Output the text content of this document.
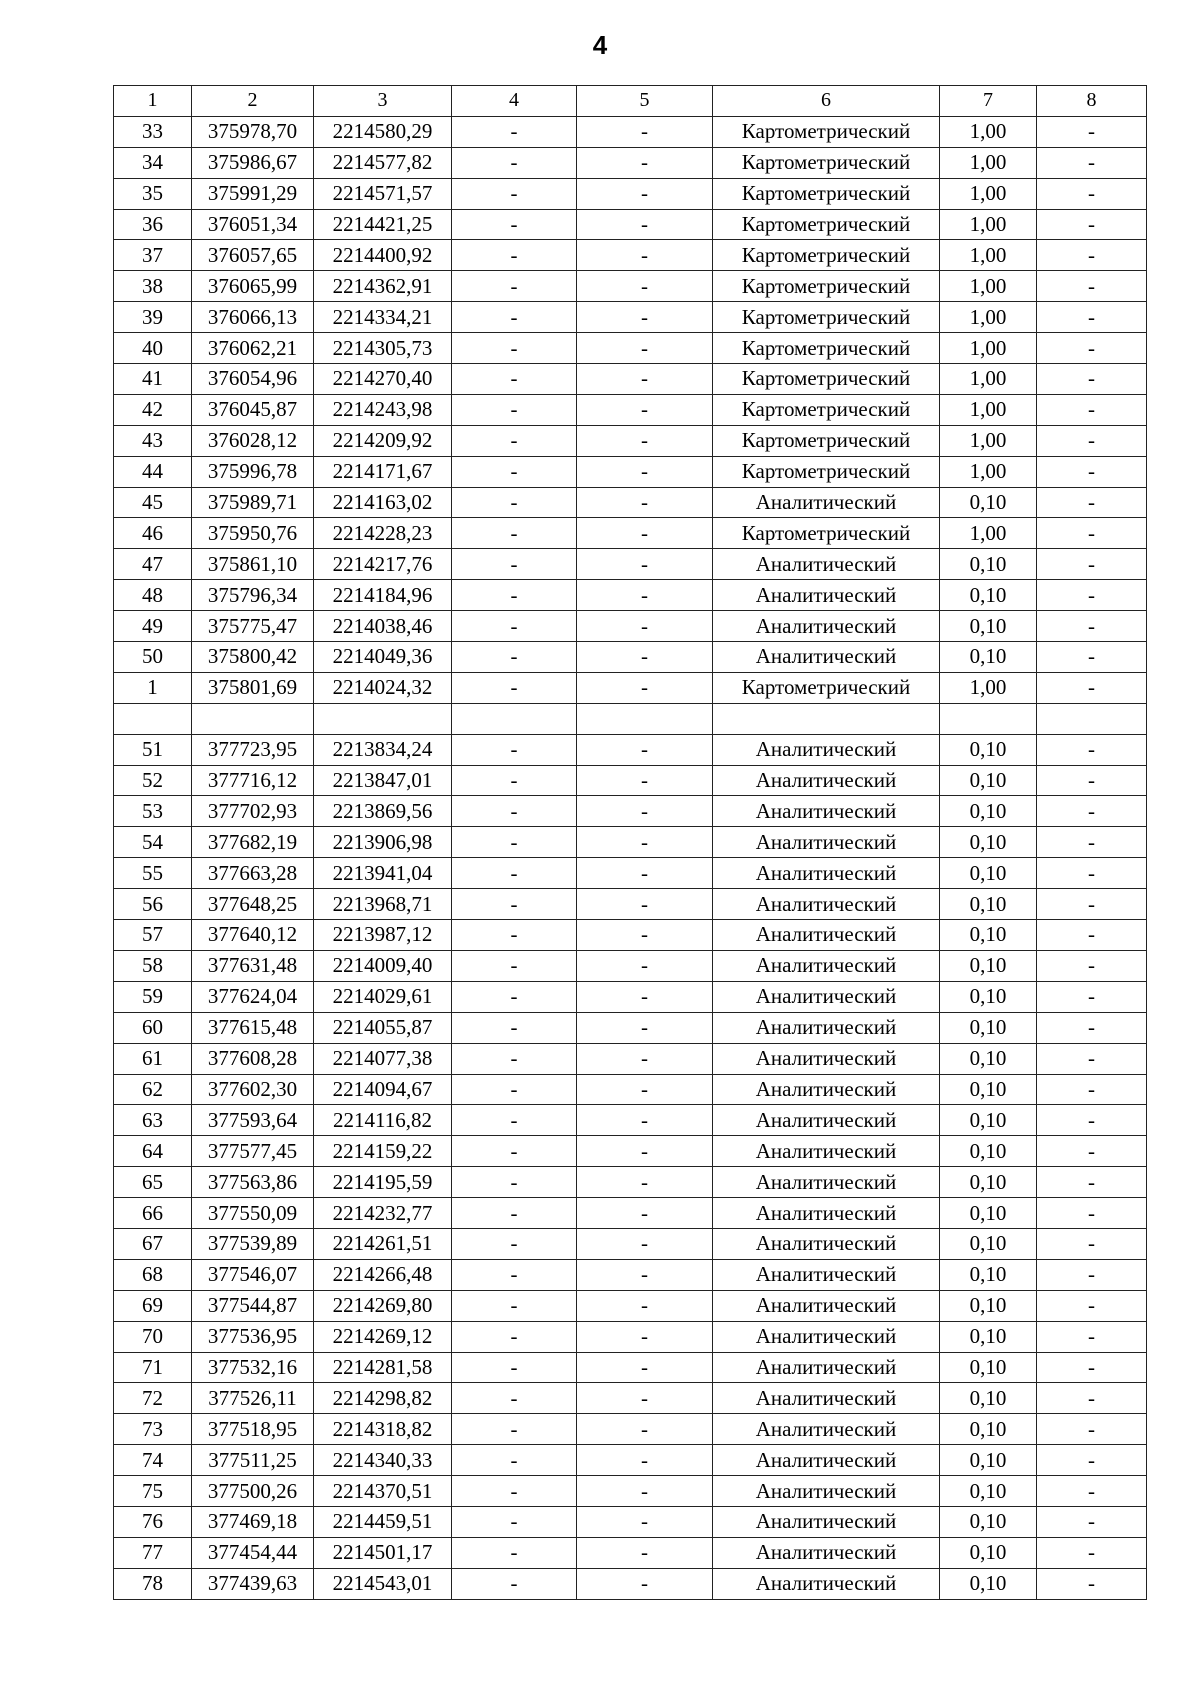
4
1	2	3	4	5	6	7	8
33	375978,70	2214580,29	-	-	Картометрический	1,00	-
34	375986,67	2214577,82	-	-	Картометрический	1,00	-
35	375991,29	2214571,57	-	-	Картометрический	1,00	-
36	376051,34	2214421,25	-	-	Картометрический	1,00	-
37	376057,65	2214400,92	-	-	Картометрический	1,00	-
38	376065,99	2214362,91	-	-	Картометрический	1,00	-
39	376066,13	2214334,21	-	-	Картометрический	1,00	-
40	376062,21	2214305,73	-	-	Картометрический	1,00	-
41	376054,96	2214270,40	-	-	Картометрический	1,00	-
42	376045,87	2214243,98	-	-	Картометрический	1,00	-
43	376028,12	2214209,92	-	-	Картометрический	1,00	-
44	375996,78	2214171,67	-	-	Картометрический	1,00	-
45	375989,71	2214163,02	-	-	Аналитический	0,10	-
46	375950,76	2214228,23	-	-	Картометрический	1,00	-
47	375861,10	2214217,76	-	-	Аналитический	0,10	-
48	375796,34	2214184,96	-	-	Аналитический	0,10	-
49	375775,47	2214038,46	-	-	Аналитический	0,10	-
50	375800,42	2214049,36	-	-	Аналитический	0,10	-
1	375801,69	2214024,32	-	-	Картометрический	1,00	-

51	377723,95	2213834,24	-	-	Аналитический	0,10	-
52	377716,12	2213847,01	-	-	Аналитический	0,10	-
53	377702,93	2213869,56	-	-	Аналитический	0,10	-
54	377682,19	2213906,98	-	-	Аналитический	0,10	-
55	377663,28	2213941,04	-	-	Аналитический	0,10	-
56	377648,25	2213968,71	-	-	Аналитический	0,10	-
57	377640,12	2213987,12	-	-	Аналитический	0,10	-
58	377631,48	2214009,40	-	-	Аналитический	0,10	-
59	377624,04	2214029,61	-	-	Аналитический	0,10	-
60	377615,48	2214055,87	-	-	Аналитический	0,10	-
61	377608,28	2214077,38	-	-	Аналитический	0,10	-
62	377602,30	2214094,67	-	-	Аналитический	0,10	-
63	377593,64	2214116,82	-	-	Аналитический	0,10	-
64	377577,45	2214159,22	-	-	Аналитический	0,10	-
65	377563,86	2214195,59	-	-	Аналитический	0,10	-
66	377550,09	2214232,77	-	-	Аналитический	0,10	-
67	377539,89	2214261,51	-	-	Аналитический	0,10	-
68	377546,07	2214266,48	-	-	Аналитический	0,10	-
69	377544,87	2214269,80	-	-	Аналитический	0,10	-
70	377536,95	2214269,12	-	-	Аналитический	0,10	-
71	377532,16	2214281,58	-	-	Аналитический	0,10	-
72	377526,11	2214298,82	-	-	Аналитический	0,10	-
73	377518,95	2214318,82	-	-	Аналитический	0,10	-
74	377511,25	2214340,33	-	-	Аналитический	0,10	-
75	377500,26	2214370,51	-	-	Аналитический	0,10	-
76	377469,18	2214459,51	-	-	Аналитический	0,10	-
77	377454,44	2214501,17	-	-	Аналитический	0,10	-
78	377439,63	2214543,01	-	-	Аналитический	0,10	-
